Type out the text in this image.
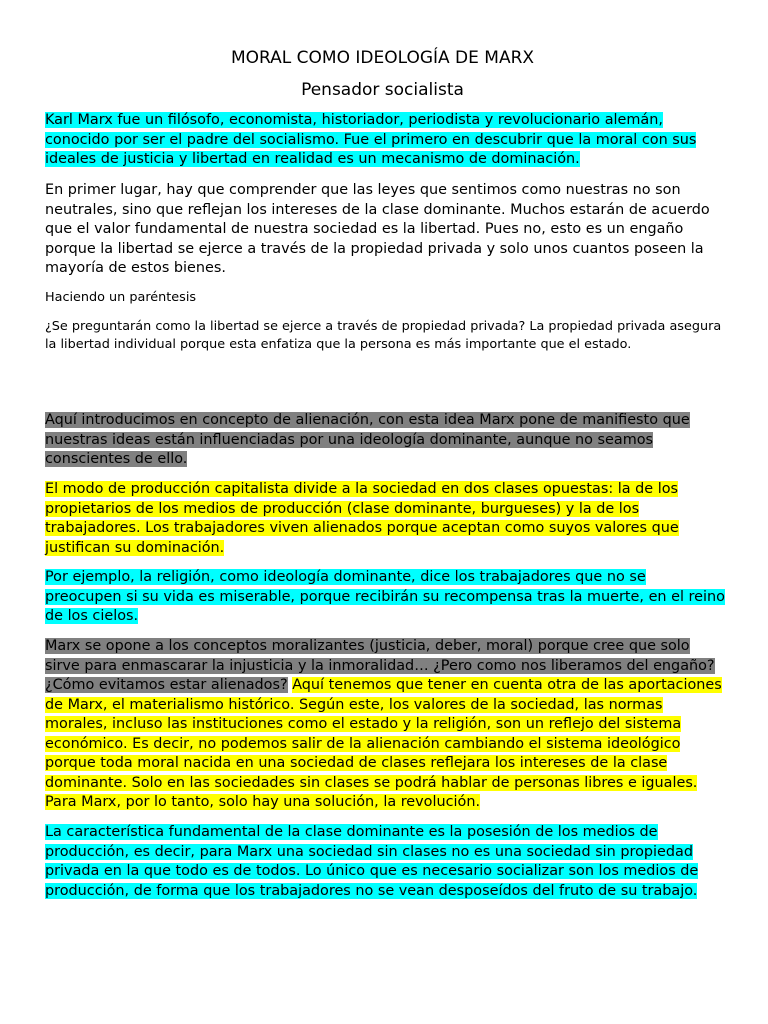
MORAL COMO IDEOLOGÍA DE MARX
Pensador socialista

Karl Marx fue un filósofo, economista, historiador, periodista y revolucionario alemán, conocido por ser el padre del socialismo. Fue el primero en descubrir que la moral con sus ideales de justicia y libertad en realidad es un mecanismo de dominación.

En primer lugar, hay que comprender que las leyes que sentimos como nuestras no son neutrales, sino que reflejan los intereses de la clase dominante. Muchos estarán de acuerdo que el valor fundamental de nuestra sociedad es la libertad. Pues no, esto es un engaño porque la libertad se ejerce a través de la propiedad privada y solo unos cuantos poseen la mayoría de estos bienes.

Haciendo un paréntesis

¿Se preguntarán como la libertad se ejerce a través de propiedad privada? La propiedad privada asegura la libertad individual porque esta enfatiza que la persona es más importante que el estado.

Aquí introducimos en concepto de alienación, con esta idea Marx pone de manifiesto que nuestras ideas están influenciadas por una ideología dominante, aunque no seamos conscientes de ello.

El modo de producción capitalista divide a la sociedad en dos clases opuestas: la de los propietarios de los medios de producción (clase dominante, burgueses) y la de los trabajadores. Los trabajadores viven alienados porque aceptan como suyos valores que justifican su dominación.

Por ejemplo, la religión, como ideología dominante, dice los trabajadores que no se preocupen si su vida es miserable, porque recibirán su recompensa tras la muerte, en el reino de los cielos.

Marx se opone a los conceptos moralizantes (justicia, deber, moral) porque cree que solo sirve para enmascarar la injusticia y la inmoralidad… ¿Pero como nos liberamos del engaño? ¿Cómo evitamos estar alienados? Aquí tenemos que tener en cuenta otra de las aportaciones de Marx, el materialismo histórico. Según este, los valores de la sociedad, las normas morales, incluso las instituciones como el estado y la religión, son un reflejo del sistema económico. Es decir, no podemos salir de la alienación cambiando el sistema ideológico porque toda moral nacida en una sociedad de clases reflejara los intereses de la clase dominante. Solo en las sociedades sin clases se podrá hablar de personas libres e iguales. Para Marx, por lo tanto, solo hay una solución, la revolución.

La característica fundamental de la clase dominante es la posesión de los medios de producción, es decir, para Marx una sociedad sin clases no es una sociedad sin propiedad privada en la que todo es de todos. Lo único que es necesario socializar son los medios de producción, de forma que los trabajadores no se vean desposeídos del fruto de su trabajo.
